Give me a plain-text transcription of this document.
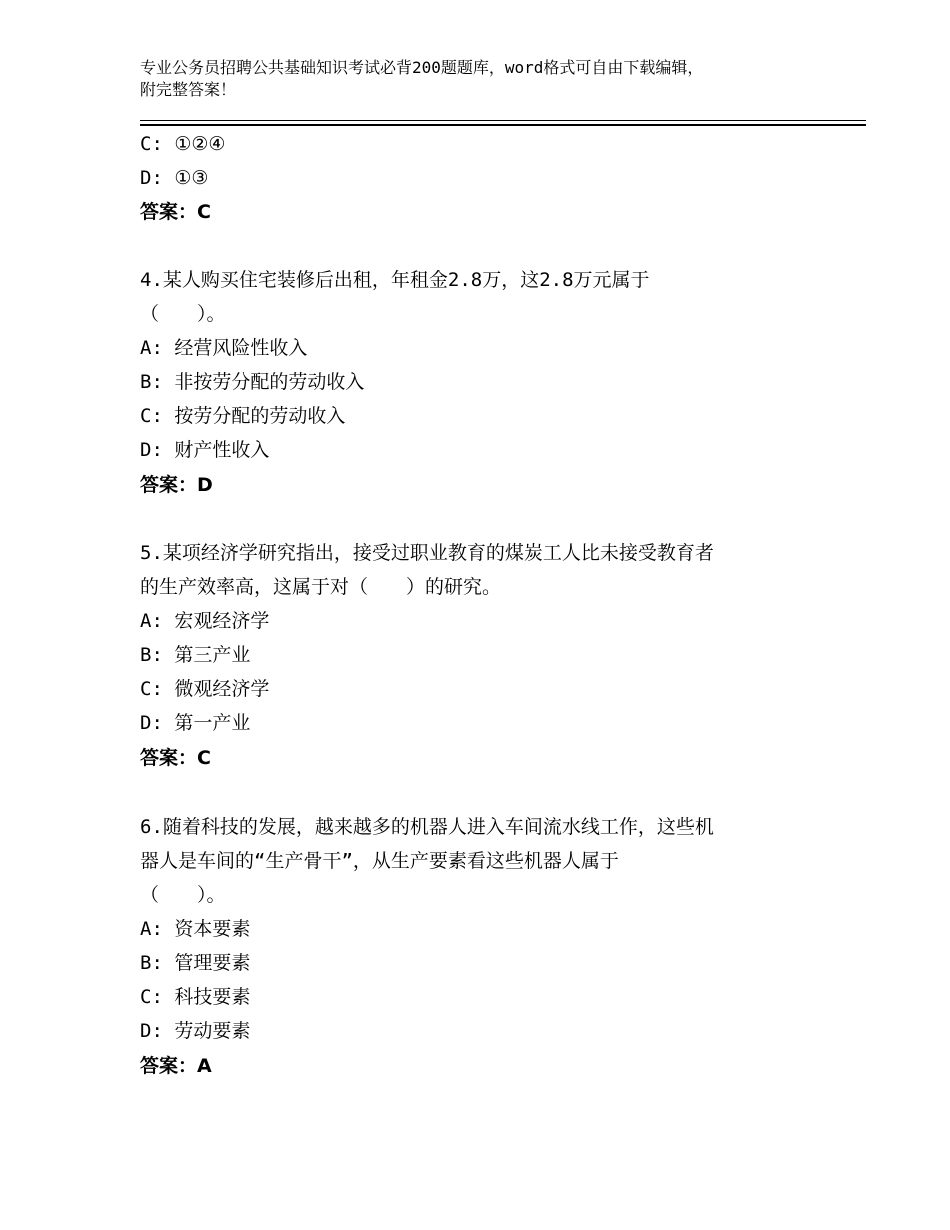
专业公务员招聘公共基础知识考试必背200题题库，word格式可自由下载编辑，
附完整答案！
C: ①②④
D: ①③
答案：C
4.某人购买住宅装修后出租，年租金2.8万，这2.8万元属于
（　　）。
A: 经营风险性收入
B: 非按劳分配的劳动收入
C: 按劳分配的劳动收入
D: 财产性收入
答案：D
5.某项经济学研究指出，接受过职业教育的煤炭工人比未接受教育者
的生产效率高，这属于对（　　）的研究。
A: 宏观经济学
B: 第三产业
C: 微观经济学
D: 第一产业
答案：C
6.随着科技的发展，越来越多的机器人进入车间流水线工作，这些机
器人是车间的“生产骨干”，从生产要素看这些机器人属于
（　　）。
A: 资本要素
B: 管理要素
C: 科技要素
D: 劳动要素
答案：A
